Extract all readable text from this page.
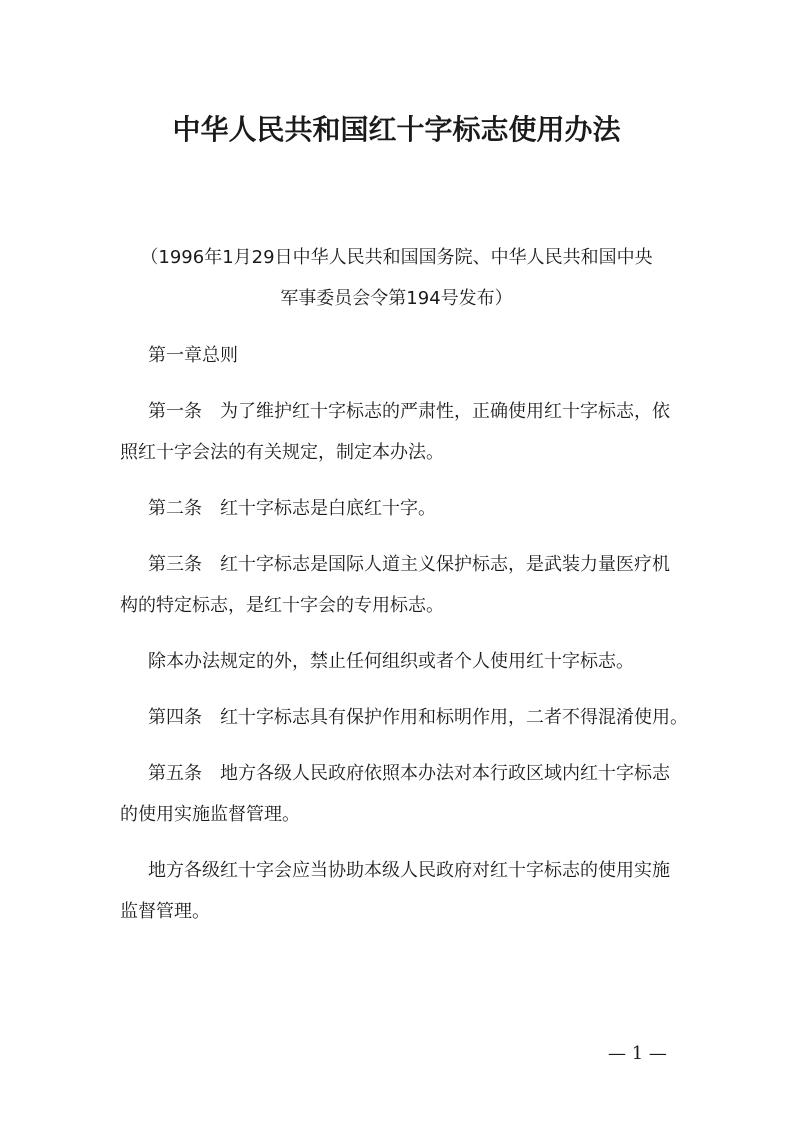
中华人民共和国红十字标志使用办法
（1996年1月29日中华人民共和国国务院、中华人民共和国中央
军事委员会令第194号发布）
第一章总则
第一条 为了维护红十字标志的严肃性，正确使用红十字标志，依
照红十字会法的有关规定，制定本办法。
第二条 红十字标志是白底红十字。
第三条 红十字标志是国际人道主义保护标志，是武装力量医疗机
构的特定标志，是红十字会的专用标志。
除本办法规定的外，禁止任何组织或者个人使用红十字标志。
第四条 红十字标志具有保护作用和标明作用，二者不得混淆使用。
第五条 地方各级人民政府依照本办法对本行政区域内红十字标志
的使用实施监督管理。
地方各级红十字会应当协助本级人民政府对红十字标志的使用实施
监督管理。
— 1 —
